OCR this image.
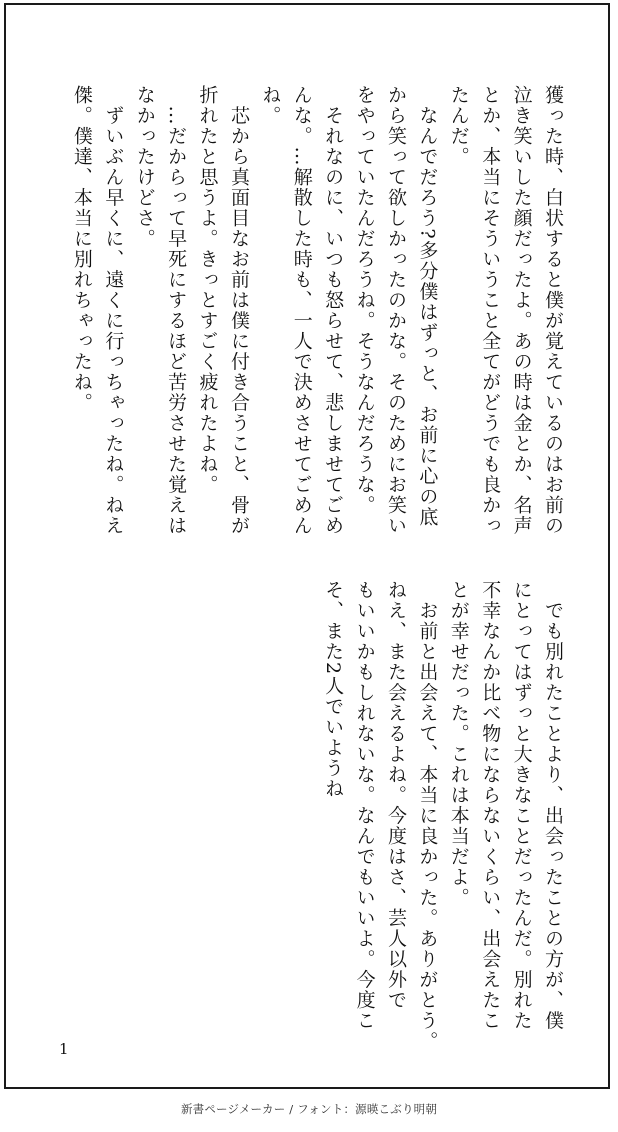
獲った時、白状すると僕が覚えているのはお前の
泣き笑いした顔だったよ。あの時は金とか、名声
とか、本当にそういうこと全てがどうでも良かっ
たんだ。
　なんでだろう?多分僕はずっと、お前に心の底
から笑って欲しかったのかな。そのためにお笑い
をやっていたんだろうね。そうなんだろうな。
　それなのに、いつも怒らせて、悲しませてごめ
んな。…解散した時も、一人で決めさせてごめん
ね。
　芯から真面目なお前は僕に付き合うこと、骨が
折れたと思うよ。きっとすごく疲れたよね。
　…だからって早死にするほど苦労させた覚えは
なかったけどさ。
　ずいぶん早くに、遠くに行っちゃったね。ねえ
傑。僕達、本当に別れちゃったね。
　でも別れたことより、出会ったことの方が、僕
にとってはずっと大きなことだったんだ。別れた
不幸なんか比べ物にならないくらい、出会えたこ
とが幸せだった。これは本当だよ。
　お前と出会えて、本当に良かった。ありがとう。
ねえ、また会えるよね。今度はさ、芸人以外で
もいいかもしれないな。なんでもいいよ。今度こ
そ、また2人でいようね
1
新書ページメーカー / フォント：源暎こぶり明朝
